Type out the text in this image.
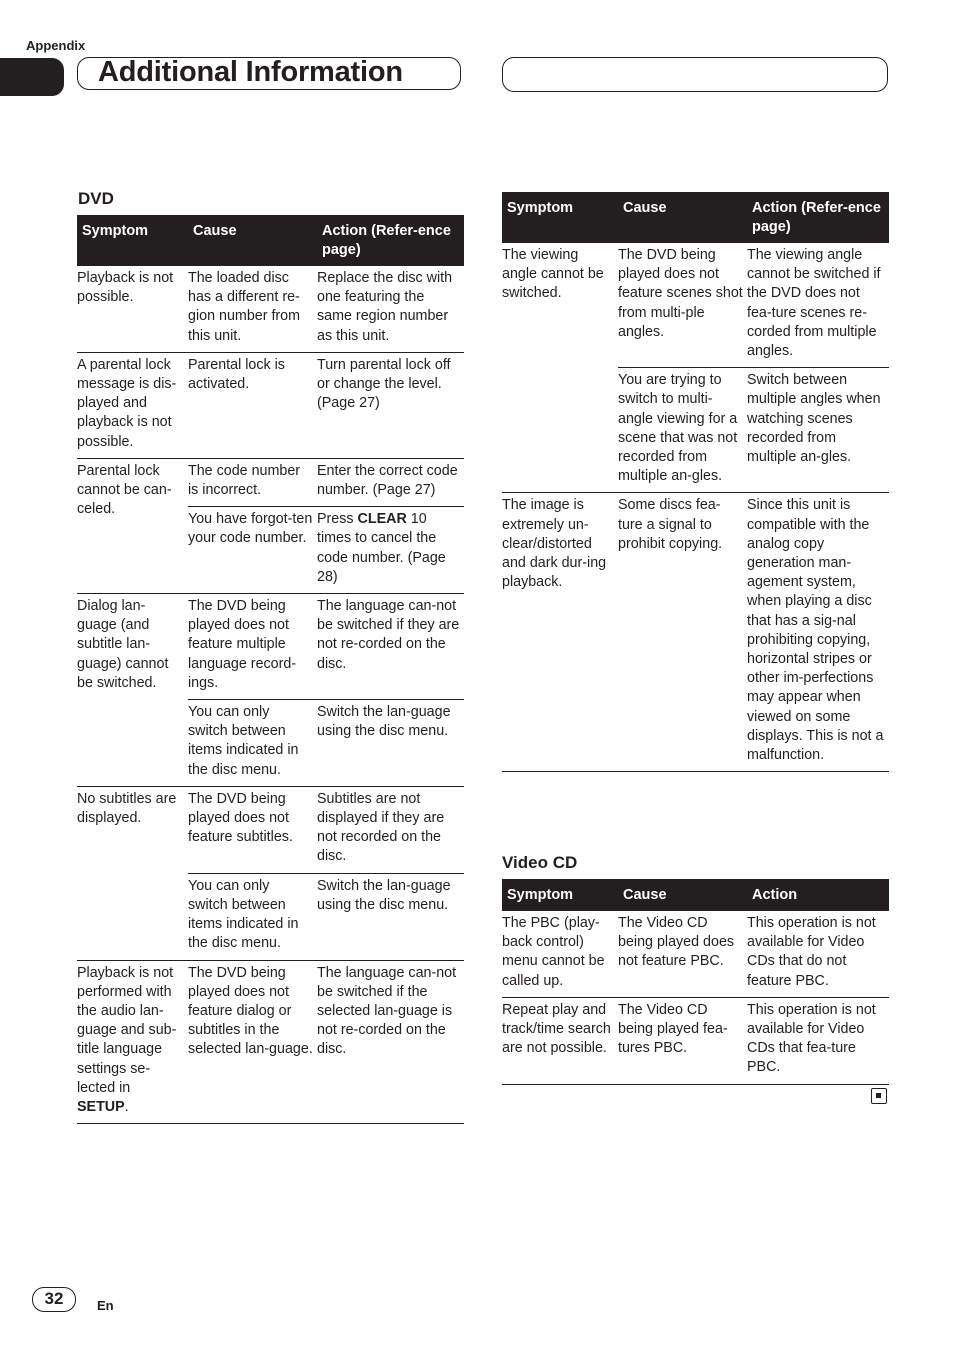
Appendix
Additional Information
DVD
Symptom	Cause	Action (Refer-ence page)
Playback is not possible.	The loaded disc has a different re-gion number from this unit.	Replace the disc with one featuring the same region number as this unit.
A parental lock message is dis-played and playback is not possible.	Parental lock is activated.	Turn parental lock off or change the level. (Page 27)
Parental lock cannot be can-celed.	The code number is incorrect.	Enter the correct code number. (Page 27)
	You have forgot-ten your code number.	Press CLEAR 10 times to cancel the code number. (Page 28)
Dialog lan-guage (and subtitle lan-guage) cannot be switched.	The DVD being played does not feature multiple language record-ings.	The language can-not be switched if they are not re-corded on the disc.
	You can only switch between items indicated in the disc menu.	Switch the lan-guage using the disc menu.
No subtitles are displayed.	The DVD being played does not feature subtitles.	Subtitles are not displayed if they are not recorded on the disc.
	You can only switch between items indicated in the disc menu.	Switch the lan-guage using the disc menu.
Playback is not performed with the audio lan-guage and sub-title language settings se-lected in SETUP.	The DVD being played does not feature dialog or subtitles in the selected lan-guage.	The language can-not be switched if the selected lan-guage is not re-corded on the disc.
Symptom	Cause	Action (Refer-ence page)
The viewing angle cannot be switched.	The DVD being played does not feature scenes shot from multi-ple angles.	The viewing angle cannot be switched if the DVD does not fea-ture scenes re-corded from multiple angles.
	You are trying to switch to multi-angle viewing for a scene that was not recorded from multiple an-gles.	Switch between multiple angles when watching scenes recorded from multiple an-gles.
The image is extremely un-clear/distorted and dark dur-ing playback.	Some discs fea-ture a signal to prohibit copying.	Since this unit is compatible with the analog copy generation man-agement system, when playing a disc that has a sig-nal prohibiting copying, horizontal stripes or other im-perfections may appear when viewed on some displays. This is not a malfunction.
Video CD
Symptom	Cause	Action
The PBC (play-back control) menu cannot be called up.	The Video CD being played does not feature PBC.	This operation is not available for Video CDs that do not feature PBC.
Repeat play and track/time search are not possible.	The Video CD being played fea-tures PBC.	This operation is not available for Video CDs that fea-ture PBC.
32	En
